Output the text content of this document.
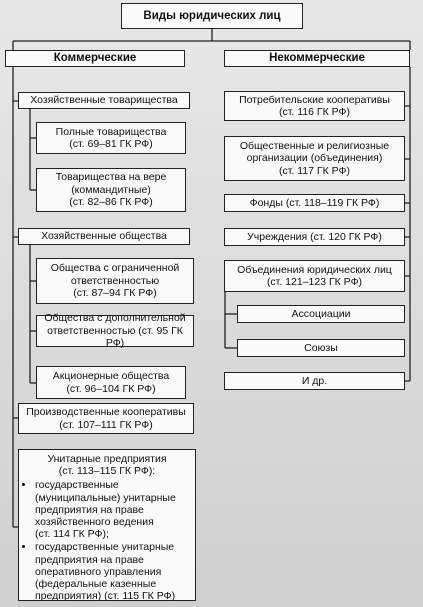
Виды юридических лиц
Коммерческие
Хозяйственные товарищества
Полные товарищества
(ст. 69–81 ГК РФ)
Товарищества на вере
(коммандитные)
(ст. 82–86 ГК РФ)
Хозяйственные общества
Общества с ограниченной
ответственностью
(ст. 87–94 ГК РФ)
Общества с дополнительной
ответственностью (ст. 95 ГК РФ)
Акционерные общества
(ст. 96–104 ГК РФ)
Производственные кооперативы
(ст. 107–111 ГК РФ)
Унитарные предприятия
(ст. 113–115 ГК РФ):
• государственные
(муниципальные) унитарные
предприятия на праве
хозяйственного ведения
(ст. 114 ГК РФ);
• государственные унитарные
предприятия на праве
оперативного управления
(федеральные казенные
предприятия) (ст. 115 ГК РФ)
Некоммерческие
Потребительские кооперативы
(ст. 116 ГК РФ)
Общественные и религиозные
организации (объединения)
(ст. 117 ГК РФ)
Фонды (ст. 118–119 ГК РФ)
Учреждения (ст. 120 ГК РФ)
Объединения юридических лиц
(ст. 121–123 ГК РФ)
Ассоциации
Союзы
И др.
